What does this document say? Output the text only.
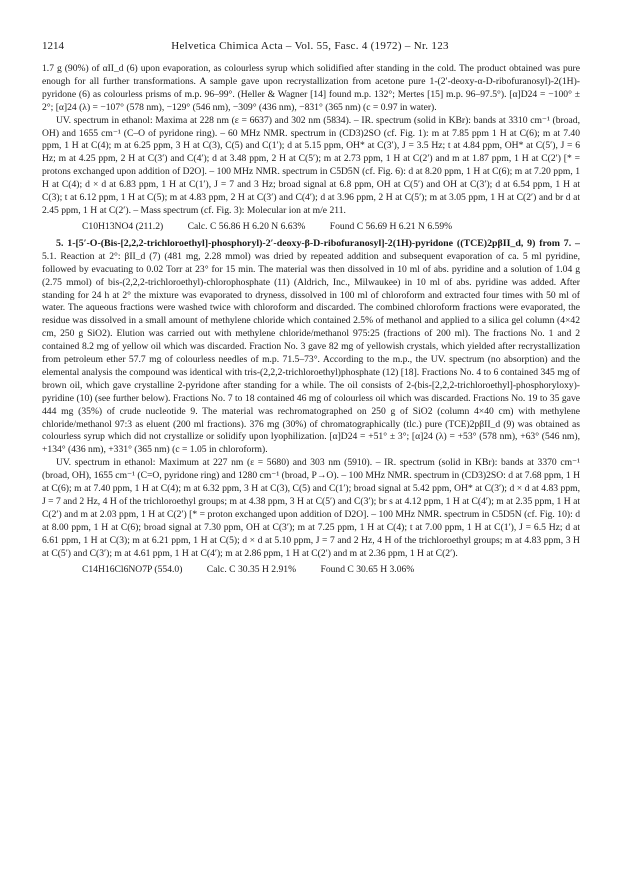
1214	Helvetica Chimica Acta – Vol. 55, Fasc. 4 (1972) – Nr. 123

1.7 g (90%) of αII_d (6) upon evaporation, as colourless syrup which solidified after standing in the cold. The product obtained was pure enough for all further transformations. A sample gave upon recrystallization from acetone pure 1-(2′-deoxy-α-D-ribofuranosyl)-2(1H)-pyridone (6) as colourless prisms of m.p. 96–99°. (Heller & Wagner [14] found m.p. 132°; Mertes [15] m.p. 96–97.5°). [α]D24 = −100° ± 2°; [α]24 (λ) = −107° (578 nm), −129° (546 nm), −309° (436 nm), −831° (365 nm) (c = 0.97 in water).

UV. spectrum in ethanol: Maxima at 228 nm (ε = 6637) and 302 nm (5834). – IR. spectrum (solid in KBr): bands at 3310 cm⁻¹ (broad, OH) and 1655 cm⁻¹ (C–O of pyridone ring). – 60 MHz NMR. spectrum in (CD3)2SO (cf. Fig. 1): m at 7.85 ppm 1 H at C(6); m at 7.40 ppm, 1 H at C(4); m at 6.25 ppm, 3 H at C(3), C(5) and C(1′); d at 5.15 ppm, OH* at C(3′), J = 3.5 Hz; t at 4.84 ppm, OH* at C(5′), J = 6 Hz; m at 4.25 ppm, 2 H at C(3′) and C(4′); d at 3.48 ppm, 2 H at C(5′); m at 2.73 ppm, 1 H at C(2′) and m at 1.87 ppm, 1 H at C(2′) [* = protons exchanged upon addition of D2O]. – 100 MHz NMR. spectrum in C5D5N (cf. Fig. 6): d at 8.20 ppm, 1 H at C(6); m at 7.20 ppm, 1 H at C(4); d × d at 6.83 ppm, 1 H at C(1′), J = 7 and 3 Hz; broad signal at 6.8 ppm, OH at C(5′) and OH at C(3′); d at 6.54 ppm, 1 H at C(3); t at 6.12 ppm, 1 H at C(5); m at 4.83 ppm, 2 H at C(3′) and C(4′); d at 3.96 ppm, 2 H at C(5′); m at 3.05 ppm, 1 H at C(2′) and br d at 2.45 ppm, 1 H at C(2′). – Mass spectrum (cf. Fig. 3): Molecular ion at m/e 211.

C10H13NO4 (211.2)	Calc. C 56.86 H 6.20 N 6.63%	Found C 56.69 H 6.21 N 6.59%

5. 1-[5′-O-(Bis-[2,2,2-trichloroethyl]-phosphoryl)-2′-deoxy-β-D-ribofuranosyl]-2(1H)-pyridone ((TCE)2pβII_d, 9) from 7. – 5.1. Reaction at 2°: βII_d (7) (481 mg, 2.28 mmol) was dried by repeated addition and subsequent evaporation of ca. 5 ml pyridine, followed by evacuating to 0.02 Torr at 23° for 15 min. The material was then dissolved in 10 ml of abs. pyridine and a solution of 1.04 g (2.75 mmol) of bis-(2,2,2-trichloroethyl)-chlorophosphate (11) (Aldrich, Inc., Milwaukee) in 10 ml of abs. pyridine was added. After standing for 24 h at 2° the mixture was evaporated to dryness, dissolved in 100 ml of chloroform and extracted four times with 50 ml of water. The aqueous fractions were washed twice with chloroform and discarded. The combined chloroform fractions were evaporated, the residue was dissolved in a small amount of methylene chloride which contained 2.5% of methanol and applied to a silica gel column (4×42 cm, 250 g SiO2). Elution was carried out with methylene chloride/methanol 975:25 (fractions of 200 ml). The fractions No. 1 and 2 contained 8.2 mg of yellow oil which was discarded. Fraction No. 3 gave 82 mg of yellowish crystals, which yielded after recrystallization from petroleum ether 57.7 mg of colourless needles of m.p. 71.5–73°. According to the m.p., the UV. spectrum (no absorption) and the elemental analysis the compound was identical with tris-(2,2,2-trichloroethyl)phosphate (12) [18]. Fractions No. 4 to 6 contained 345 mg of brown oil, which gave crystalline 2-pyridone after standing for a while. The oil consists of 2-(bis-[2,2,2-trichloroethyl]-phosphoryloxy)-pyridine (10) (see further below). Fractions No. 7 to 18 contained 46 mg of colourless oil which was discarded. Fractions No. 19 to 35 gave 444 mg (35%) of crude nucleotide 9. The material was rechromatographed on 250 g of SiO2 (column 4×40 cm) with methylene chloride/methanol 97:3 as eluent (200 ml fractions). 376 mg (30%) of chromatographically (tlc.) pure (TCE)2pβII_d (9) was obtained as colourless syrup which did not crystallize or solidify upon lyophilization. [α]D24 = +51° ± 3°; [α]24 (λ) = +53° (578 nm), +63° (546 nm), +134° (436 nm), +331° (365 nm) (c = 1.05 in chloroform).

UV. spectrum in ethanol: Maximum at 227 nm (ε = 5680) and 303 nm (5910). – IR. spectrum (solid in KBr): bands at 3370 cm⁻¹ (broad, OH), 1655 cm⁻¹ (C=O, pyridone ring) and 1280 cm⁻¹ (broad, P→O). – 100 MHz NMR. spectrum in (CD3)2SO: d at 7.68 ppm, 1 H at C(6); m at 7.40 ppm, 1 H at C(4); m at 6.32 ppm, 3 H at C(3), C(5) and C(1′); broad signal at 5.42 ppm, OH* at C(3′); d × d at 4.83 ppm, J = 7 and 2 Hz, 4 H of the trichloroethyl groups; m at 4.38 ppm, 3 H at C(5′) and C(3′); br s at 4.12 ppm, 1 H at C(4′); m at 2.35 ppm, 1 H at C(2′) and m at 2.03 ppm, 1 H at C(2′) [* = proton exchanged upon addition of D2O]. – 100 MHz NMR. spectrum in C5D5N (cf. Fig. 10): d at 8.00 ppm, 1 H at C(6); broad signal at 7.30 ppm, OH at C(3′); m at 7.25 ppm, 1 H at C(4); t at 7.00 ppm, 1 H at C(1′), J = 6.5 Hz; d at 6.61 ppm, 1 H at C(3); m at 6.21 ppm, 1 H at C(5); d × d at 5.10 ppm, J = 7 and 2 Hz, 4 H of the trichloroethyl groups; m at 4.83 ppm, 3 H at C(5′) and C(3′); m at 4.61 ppm, 1 H at C(4′); m at 2.86 ppm, 1 H at C(2′) and m at 2.36 ppm, 1 H at C(2′).

C14H16Cl6NO7P (554.0)	Calc. C 30.35 H 2.91%	Found C 30.65 H 3.06%
